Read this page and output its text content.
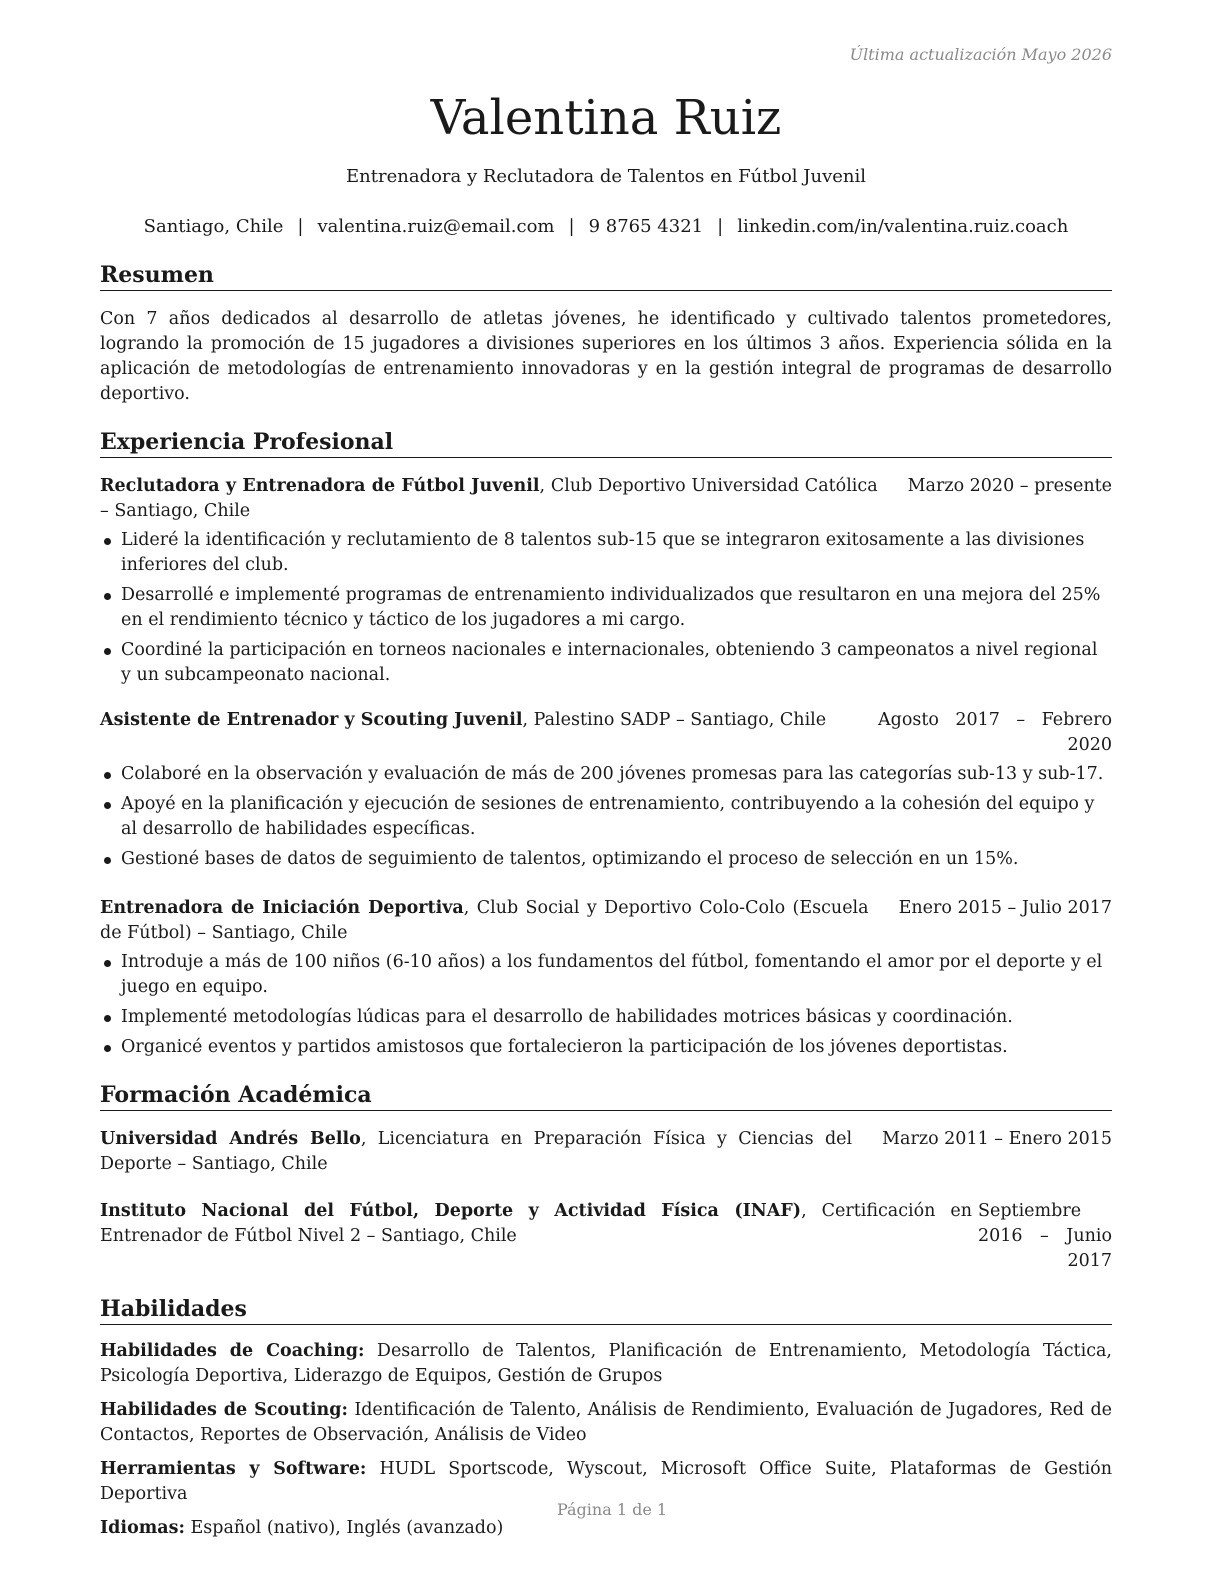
Última actualización Mayo 2026
Valentina Ruiz
Entrenadora y Reclutadora de Talentos en Fútbol Juvenil
Santiago, Chile | valentina.ruiz@email.com | 9 8765 4321 | linkedin.com/in/valentina.ruiz.coach
Resumen
Con 7 años dedicados al desarrollo de atletas jóvenes, he identificado y cultivado talentos prometedores, logrando la promoción de 15 jugadores a divisiones superiores en los últimos 3 años. Experiencia sólida en la aplicación de metodologías de entrenamiento innovadoras y en la gestión integral de programas de desarrollo deportivo.
Experiencia Profesional
Reclutadora y Entrenadora de Fútbol Juvenil, Club Deportivo Universidad Católica – Santiago, Chile
Marzo 2020 – presente
Lideré la identificación y reclutamiento de 8 talentos sub-15 que se integraron exitosamente a las divisiones inferiores del club.
Desarrollé e implementé programas de entrenamiento individualizados que resultaron en una mejora del 25% en el rendimiento técnico y táctico de los jugadores a mi cargo.
Coordiné la participación en torneos nacionales e internacionales, obteniendo 3 campeonatos a nivel regional y un subcampeonato nacional.
Asistente de Entrenador y Scouting Juvenil, Palestino SADP – Santiago, Chile	Agosto 2017 – Febrero 2020
Colaboré en la observación y evaluación de más de 200 jóvenes promesas para las categorías sub-13 y sub-17.
Apoyé en la planificación y ejecución de sesiones de entrenamiento, contribuyendo a la cohesión del equipo y al desarrollo de habilidades específicas.
Gestioné bases de datos de seguimiento de talentos, optimizando el proceso de selección en un 15%.
Entrenadora de Iniciación Deportiva, Club Social y Deportivo Colo-Colo (Escuela de Fútbol) – Santiago, Chile
Enero 2015 – Julio 2017
Introduje a más de 100 niños (6-10 años) a los fundamentos del fútbol, fomentando el amor por el deporte y el juego en equipo.
Implementé metodologías lúdicas para el desarrollo de habilidades motrices básicas y coordinación.
Organicé eventos y partidos amistosos que fortalecieron la participación de los jóvenes deportistas.
Formación Académica
Universidad Andrés Bello, Licenciatura en Preparación Física y Ciencias del Deporte – Santiago, Chile
Marzo 2011 – Enero 2015
Instituto Nacional del Fútbol, Deporte y Actividad Física (INAF), Certificación en Entrenador de Fútbol Nivel 2 – Santiago, Chile
Septiembre 2016 – Junio 2017
Habilidades
Habilidades de Coaching: Desarrollo de Talentos, Planificación de Entrenamiento, Metodología Táctica, Psicología Deportiva, Liderazgo de Equipos, Gestión de Grupos
Habilidades de Scouting: Identificación de Talento, Análisis de Rendimiento, Evaluación de Jugadores, Red de Contactos, Reportes de Observación, Análisis de Video
Herramientas y Software: HUDL Sportscode, Wyscout, Microsoft Office Suite, Plataformas de Gestión Deportiva
Idiomas: Español (nativo), Inglés (avanzado)
Página 1 de 1
